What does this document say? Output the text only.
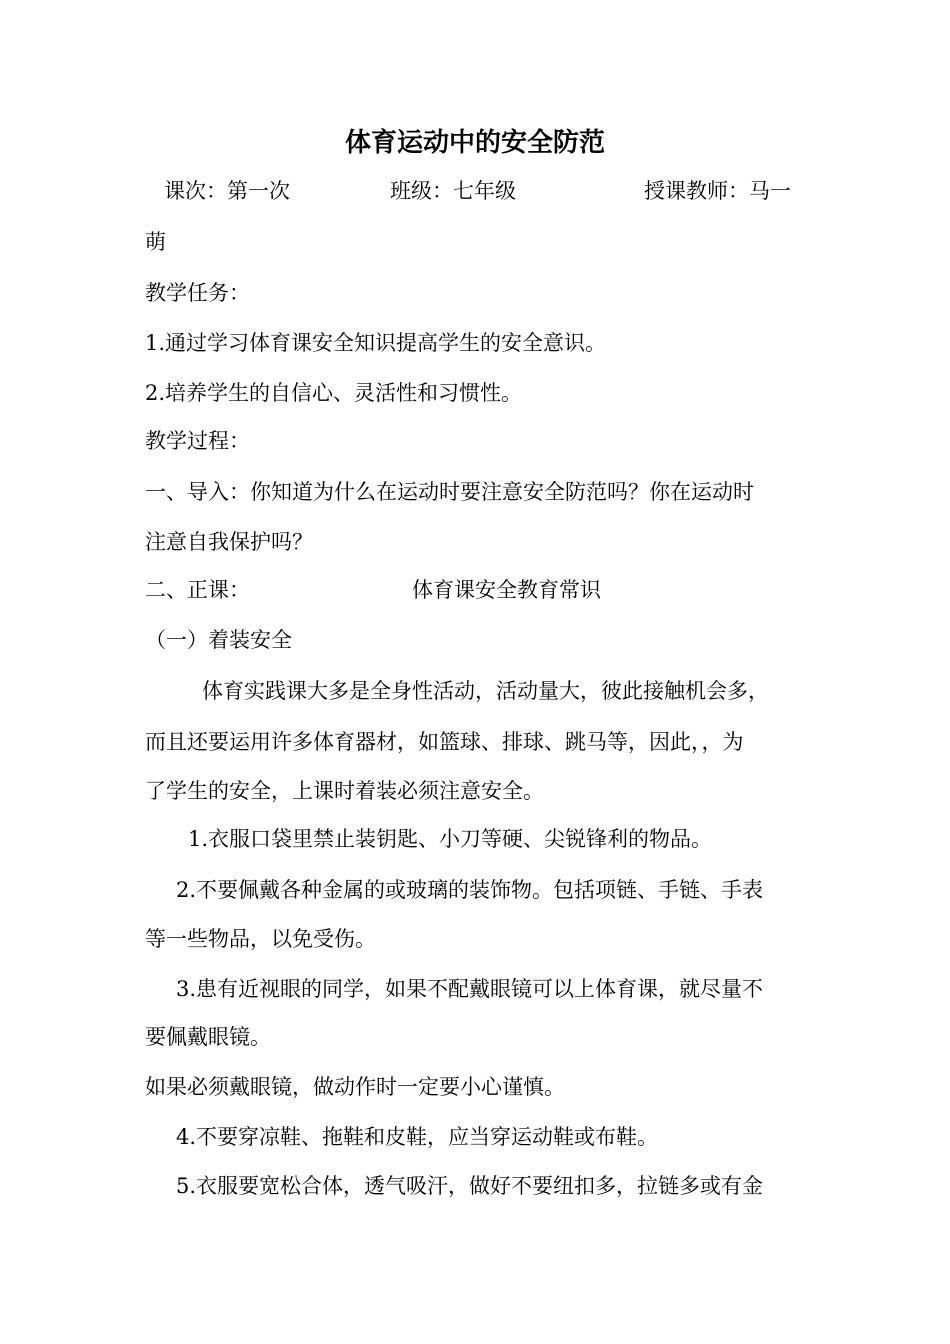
体育运动中的安全防范
课次：第一次	班级：七年级	授课教师：马一
萌
教学任务：
1.通过学习体育课安全知识提高学生的安全意识。
2.培养学生的自信心、灵活性和习惯性。
教学过程：
一、导入：你知道为什么在运动时要注意安全防范吗？你在运动时
注意自我保护吗？
二、正课：	体育课安全教育常识
（一）着装安全
体育实践课大多是全身性活动，活动量大，彼此接触机会多，
而且还要运用许多体育器材，如篮球、排球、跳马等，因此，，为
了学生的安全，上课时着装必须注意安全。
1.衣服口袋里禁止装钥匙、小刀等硬、尖锐锋利的物品。
2.不要佩戴各种金属的或玻璃的装饰物。包括项链、手链、手表
等一些物品，以免受伤。
3.患有近视眼的同学，如果不配戴眼镜可以上体育课，就尽量不
要佩戴眼镜。
如果必须戴眼镜，做动作时一定要小心谨慎。
4.不要穿凉鞋、拖鞋和皮鞋，应当穿运动鞋或布鞋。
5.衣服要宽松合体，透气吸汗，做好不要纽扣多，拉链多或有金
